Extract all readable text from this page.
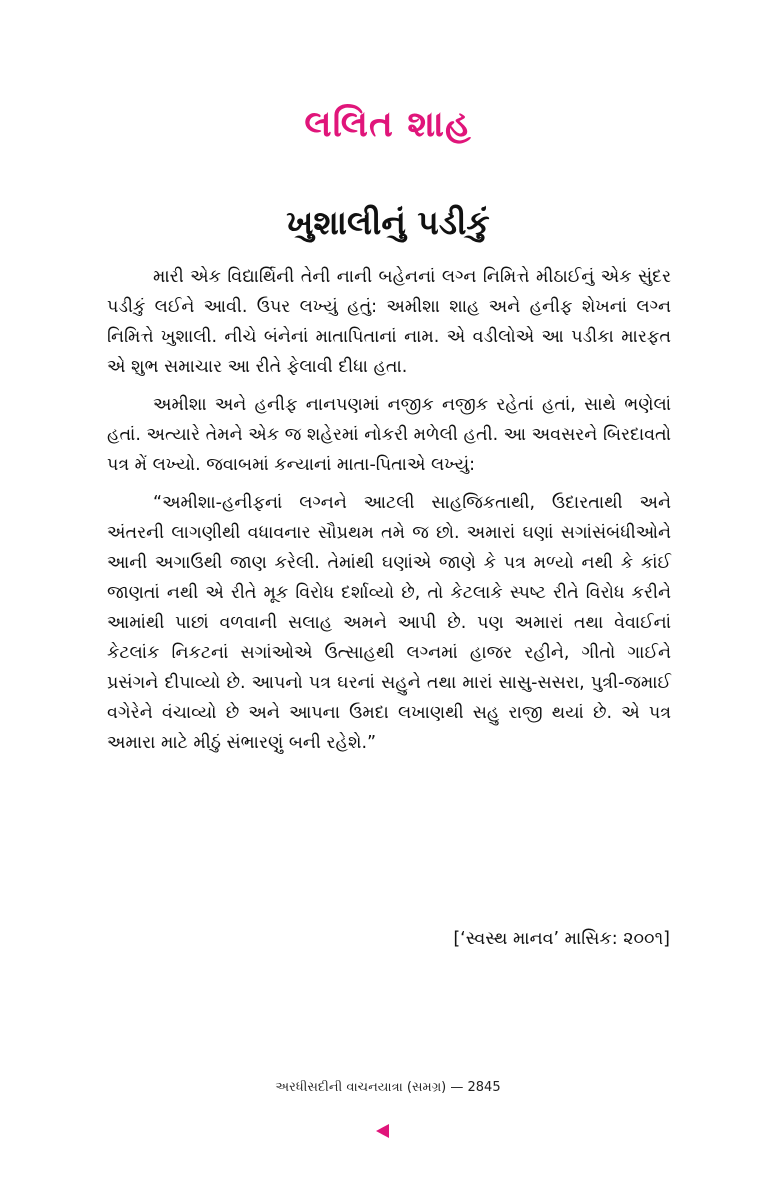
લલિત શાહ
ખુશાલીનું પડીકું

મારી એક વિદ્યાર્થિની તેની નાની બહેનનાં લગ્ન નિમિત્તે મીઠાઈનું એક સુંદર પડીકું લઈને આવી. ઉપર લખ્યું હતું: અમીશા શાહ અને હનીફ શેખનાં લગ્ન નિમિત્તે ખુશાલી. નીચે બંનેનાં માતાપિતાનાં નામ. એ વડીલોએ આ પડીકા મારફત એ શુભ સમાચાર આ રીતે ફેલાવી દીધા હતા.

અમીશા અને હનીફ નાનપણમાં નજીક નજીક રહેતાં હતાં, સાથે ભણેલાં હતાં. અત્યારે તેમને એક જ શહેરમાં નોકરી મળેલી હતી. આ અવસરને બિરદાવતો પત્ર મેં લખ્યો. જવાબમાં કન્યાનાં માતા-પિતાએ લખ્યું:

“અમીશા-હનીફનાં લગ્નને આટલી સાહજિકતાથી, ઉદારતાથી અને અંતરની લાગણીથી વધાવનાર સૌપ્રથમ તમે જ છો. અમારાં ઘણાં સગાંસંબંધીઓને આની અગાઉથી જાણ કરેલી. તેમાંથી ઘણાંએ જાણે કે પત્ર મળ્યો નથી કે કાંઈ જાણતાં નથી એ રીતે મૂક વિરોધ દર્શાવ્યો છે, તો કેટલાકે સ્પષ્ટ રીતે વિરોધ કરીને આમાંથી પાછાં વળવાની સલાહ અમને આપી છે. પણ અમારાં તથા વેવાઈનાં કેટલાંક નિકટનાં સગાંઓએ ઉત્સાહથી લગ્નમાં હાજર રહીને, ગીતો ગાઈને પ્રસંગને દીપાવ્યો છે. આપનો પત્ર ઘરનાં સહુને તથા મારાં સાસુ-સસરા, પુત્રી-જમાઈ વગેરેને વંચાવ્યો છે અને આપના ઉમદા લખાણથી સહુ રાજી થયાં છે. એ પત્ર અમારા માટે મીઠું સંભારણું બની રહેશે.”

[‘સ્વસ્થ માનવ’ માસિક: ૨૦૦૧]
અરધીસદીની વાચનયાત્રા (સમગ્ર) — 2845
